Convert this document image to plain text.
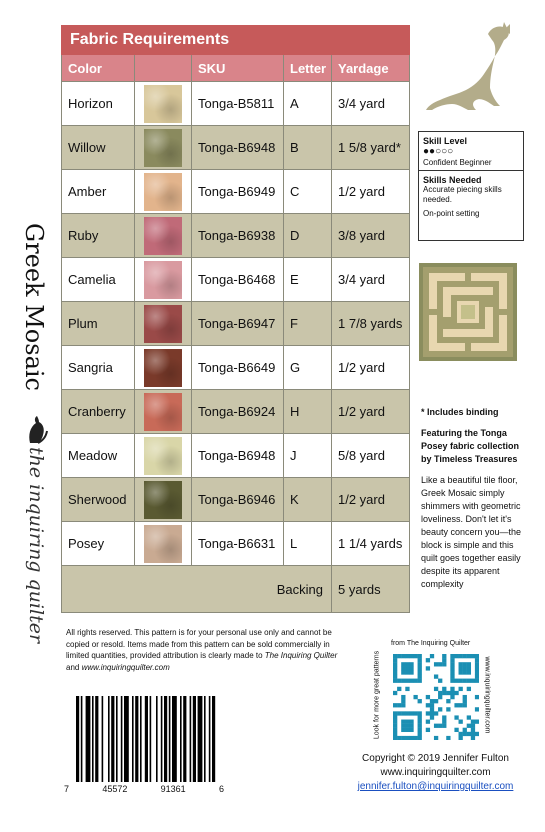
Greek Mosaic
the inquiring quilter
Fabric Requirements				
Color		SKU	Letter	Yardage
Horizon		Tonga-B5811	A	3/4 yard
Willow		Tonga-B6948	B	1 5/8 yard*
Amber		Tonga-B6949	C	1/2 yard
Ruby		Tonga-B6938	D	3/8 yard
Camelia		Tonga-B6468	E	3/4 yard
Plum		Tonga-B6947	F	1 7/8 yards
Sangria		Tonga-B6649	G	1/2 yard
Cranberry		Tonga-B6924	H	1/2 yard
Meadow		Tonga-B6948	J	5/8 yard
Sherwood		Tonga-B6946	K	1/2 yard
Posey		Tonga-B6631	L	1 1/4 yards
Backing				5 yards
Skill Level
●●○○○
Confident Beginner
Skills Needed
Accurate piecing skills needed.
On-point setting

* Includes binding

Featuring the Tonga Posey fabric collection by Timeless Treasures

Like a beautiful tile floor, Greek Mosaic simply shimmers with geometric loveliness. Don't let it's beauty concern you—the block is simple and this quilt goes together easily despite its apparent complexity

All rights reserved. This pattern is for your personal use only and cannot be copied or resold. Items made from this pattern can be sold commercially in limited quantities, provided attribution is clearly made to The Inquiring Quilter and www.inquiringquilter.com
7	45572	91361	6
from The Inquiring Quilter
Look for more great patterns	www.inquiringquilter.com
Copyright © 2019 Jennifer Fulton
www.inquiringquilter.com
jennifer.fulton@inquiringquilter.com
